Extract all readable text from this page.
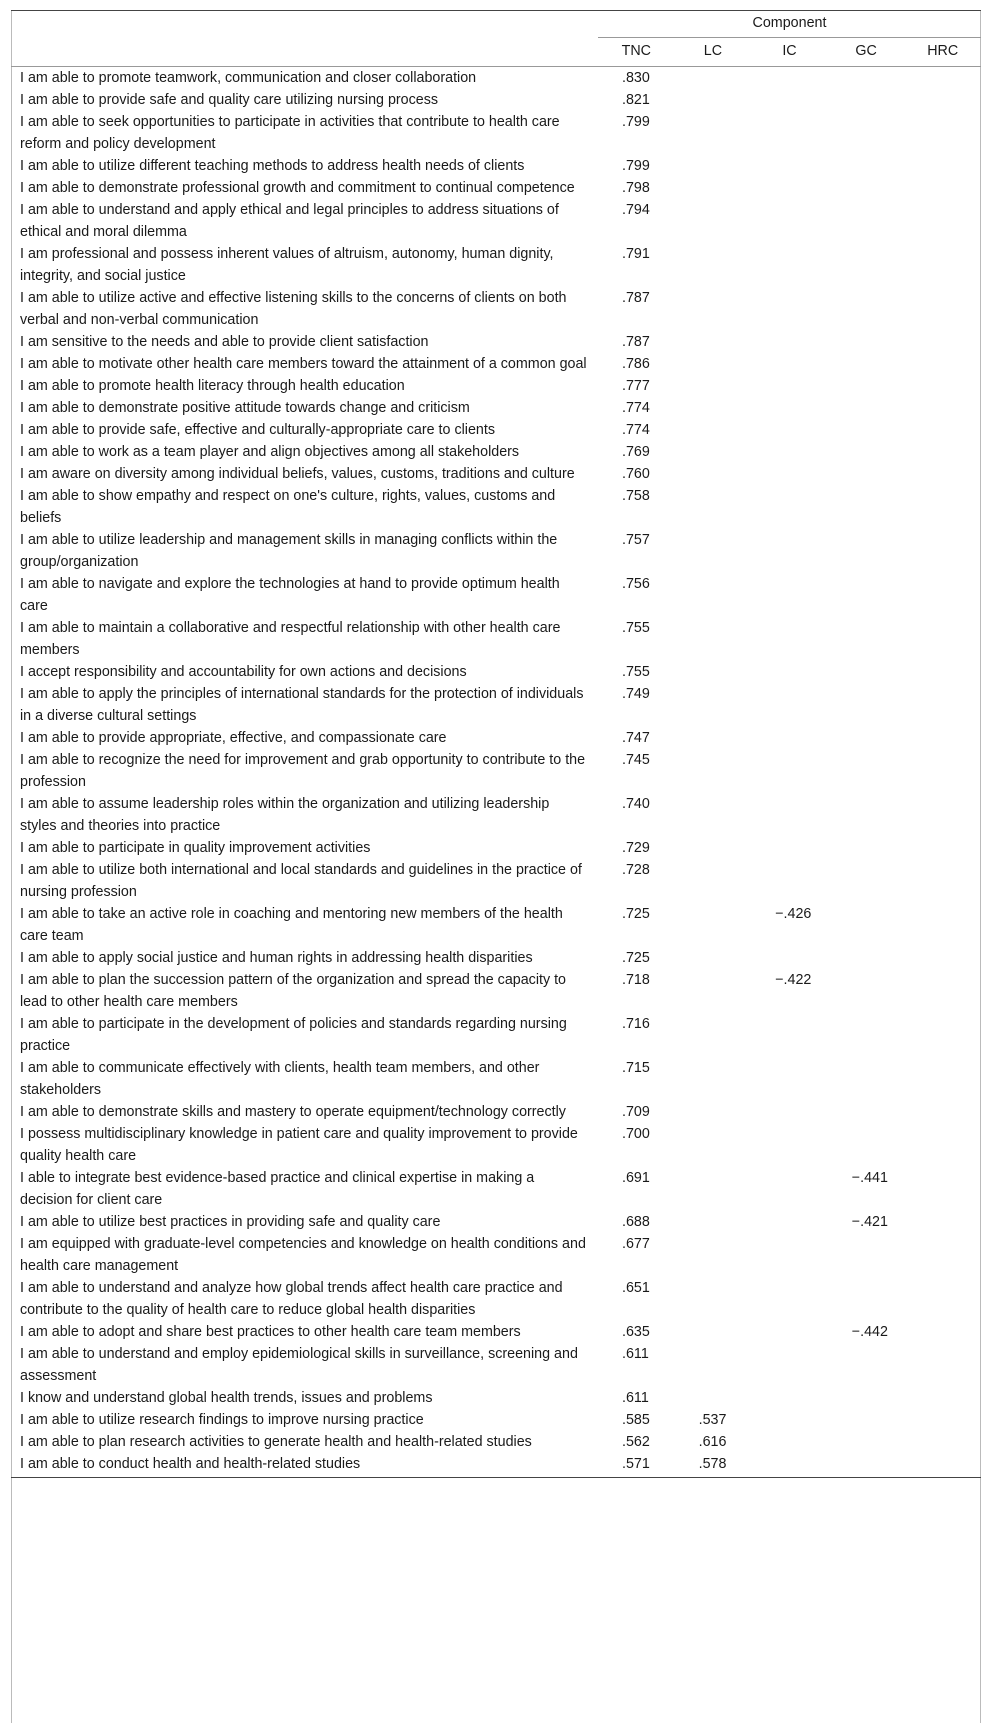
	Component				
	TNC	LC	IC	GC	HRC
I am able to promote teamwork, communication and closer collaboration	.830				
I am able to provide safe and quality care utilizing nursing process	.821				
I am able to seek opportunities to participate in activities that contribute to health care reform and policy development	.799				
I am able to utilize different teaching methods to address health needs of clients	.799				
I am able to demonstrate professional growth and commitment to continual competence	.798				
I am able to understand and apply ethical and legal principles to address situations of ethical and moral dilemma	.794				
I am professional and possess inherent values of altruism, autonomy, human dignity, integrity, and social justice	.791				
I am able to utilize active and effective listening skills to the concerns of clients on both verbal and non-verbal communication	.787				
I am sensitive to the needs and able to provide client satisfaction	.787				
I am able to motivate other health care members toward the attainment of a common goal	.786				
I am able to promote health literacy through health education	.777				
I am able to demonstrate positive attitude towards change and criticism	.774				
I am able to provide safe, effective and culturally-appropriate care to clients	.774				
I am able to work as a team player and align objectives among all stakeholders	.769				
I am aware on diversity among individual beliefs, values, customs, traditions and culture	.760				
I am able to show empathy and respect on one's culture, rights, values, customs and beliefs	.758				
I am able to utilize leadership and management skills in managing conflicts within the group/organization	.757				
I am able to navigate and explore the technologies at hand to provide optimum health care	.756				
I am able to maintain a collaborative and respectful relationship with other health care members	.755				
I accept responsibility and accountability for own actions and decisions	.755				
I am able to apply the principles of international standards for the protection of individuals in a diverse cultural settings	.749				
I am able to provide appropriate, effective, and compassionate care	.747				
I am able to recognize the need for improvement and grab opportunity to contribute to the profession	.745				
I am able to assume leadership roles within the organization and utilizing leadership styles and theories into practice	.740				
I am able to participate in quality improvement activities	.729				
I am able to utilize both international and local standards and guidelines in the practice of nursing profession	.728				
I am able to take an active role in coaching and mentoring new members of the health care team	.725		−.426		
I am able to apply social justice and human rights in addressing health disparities	.725				
I am able to plan the succession pattern of the organization and spread the capacity to lead to other health care members	.718		−.422		
I am able to participate in the development of policies and standards regarding nursing practice	.716				
I am able to communicate effectively with clients, health team members, and other stakeholders	.715				
I am able to demonstrate skills and mastery to operate equipment/technology correctly	.709				
I possess multidisciplinary knowledge in patient care and quality improvement to provide quality health care	.700				
I able to integrate best evidence-based practice and clinical expertise in making a decision for client care	.691			−.441	
I am able to utilize best practices in providing safe and quality care	.688			−.421	
I am equipped with graduate-level competencies and knowledge on health conditions and health care management	.677				
I am able to understand and analyze how global trends affect health care practice and contribute to the quality of health care to reduce global health disparities	.651				
I am able to adopt and share best practices to other health care team members	.635			−.442	
I am able to understand and employ epidemiological skills in surveillance, screening and assessment	.611				
I know and understand global health trends, issues and problems	.611				
I am able to utilize research findings to improve nursing practice	.585	.537			
I am able to plan research activities to generate health and health-related studies	.562	.616			
I am able to conduct health and health-related studies	.571	.578			
